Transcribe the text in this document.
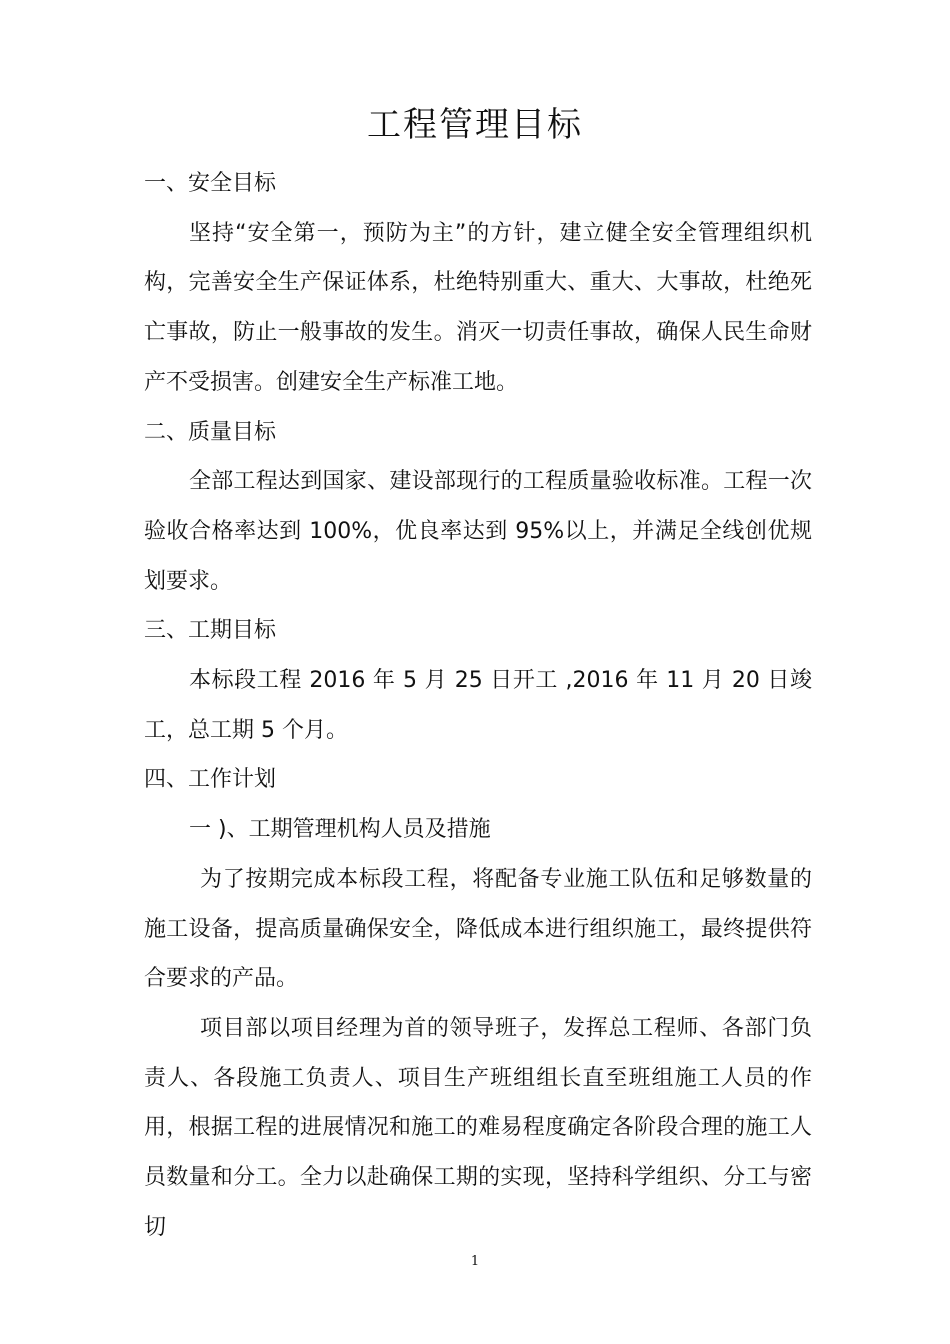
工程管理目标

一、安全目标

坚持“安全第一，预防为主”的方针，建立健全安全管理组织机构，完善安全生产保证体系，杜绝特别重大、重大、大事故，杜绝死亡事故，防止一般事故的发生。消灭一切责任事故，确保人民生命财产不受损害。创建安全生产标准工地。

二、质量目标

全部工程达到国家、建设部现行的工程质量验收标准。工程一次验收合格率达到 100%，优良率达到 95%以上，并满足全线创优规划要求。

三、工期目标

本标段工程 2016 年 5 月 25 日开工 ,2016 年 11 月 20 日竣工，总工期 5 个月。

四、工作计划

一 )、工期管理机构人员及措施

为了按期完成本标段工程，将配备专业施工队伍和足够数量的施工设备，提高质量确保安全，降低成本进行组织施工，最终提供符合要求的产品。

项目部以项目经理为首的领导班子，发挥总工程师、各部门负责人、各段施工负责人、项目生产班组组长直至班组施工人员的作用，根据工程的进展情况和施工的难易程度确定各阶段合理的施工人员数量和分工。全力以赴确保工期的实现，坚持科学组织、分工与密切

1
